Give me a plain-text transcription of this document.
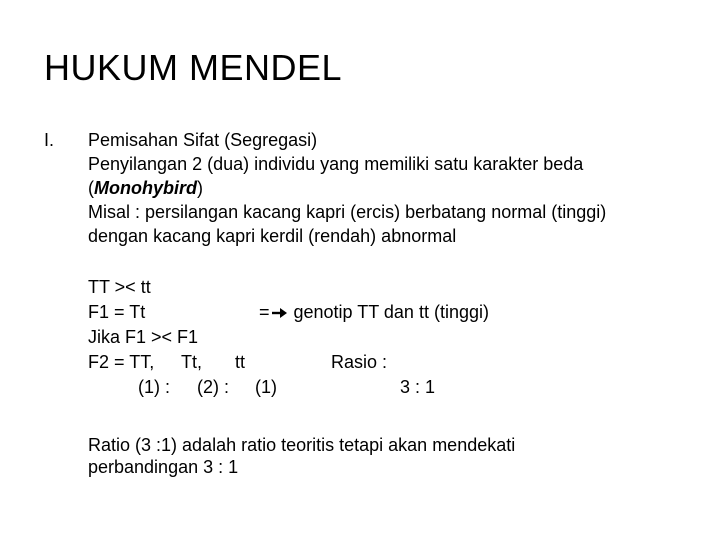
HUKUM MENDEL
I. Pemisahan Sifat (Segregasi)
Penyilangan 2 (dua) individu yang memiliki satu karakter beda
(Monohybird)
Misal : persilangan kacang kapri (ercis) berbatang normal (tinggi)
dengan kacang kapri kerdil (rendah) abnormal
TT >< tt
F1 = Tt	= genotip TT dan tt (tinggi)
Jika F1 >< F1
F2 = TT, Tt, tt	Rasio :
(1) : (2) : (1)	3 : 1
Ratio (3 :1) adalah ratio teoritis tetapi akan mendekati
perbandingan 3 : 1
